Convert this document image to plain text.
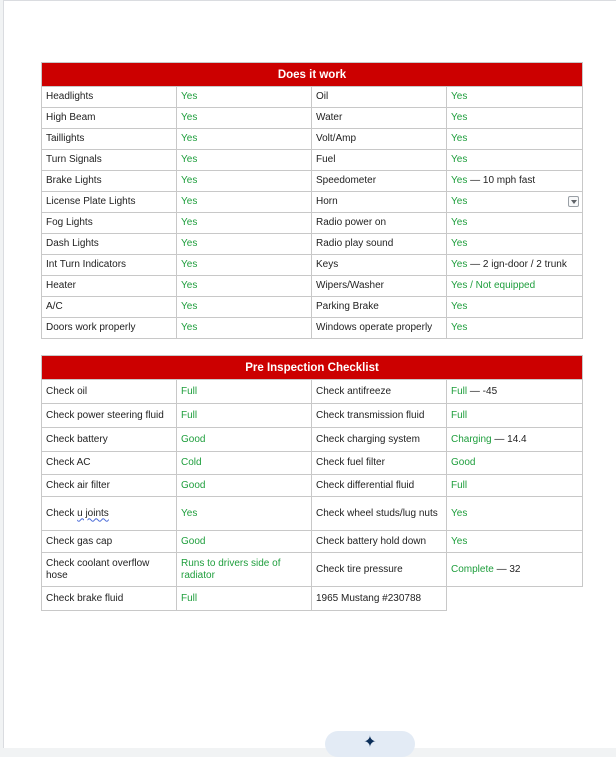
Does it work			
Headlights	Yes	Oil	Yes
High Beam	Yes	Water	Yes
Taillights	Yes	Volt/Amp	Yes
Turn Signals	Yes	Fuel	Yes
Brake Lights	Yes	Speedometer	Yes — 10 mph fast
License Plate Lights	Yes	Horn	Yes

Fog Lights	Yes	Radio power on	Yes
Dash Lights	Yes	Radio play sound	Yes
Int Turn Indicators	Yes	Keys	Yes — 2 ign-door / 2 trunk
Heater	Yes	Wipers/Washer	Yes / Not equipped
A/C	Yes	Parking Brake	Yes
Doors work properly	Yes	Windows operate properly	Yes
Pre Inspection Checklist			
Check oil	Full	Check antifreeze	Full — -45
Check power steering fluid	Full	Check transmission fluid	Full
Check battery	Good	Check charging system	Charging — 14.4
Check AC	Cold	Check fuel filter	Good
Check air filter	Good	Check differential fluid	Full
Check u joints	Yes	Check wheel studs/lug nuts	Yes
Check gas cap	Good	Check battery hold down	Yes
Check coolant overflow hose	Runs to drivers side of radiator	Check tire pressure	Complete — 32
Check brake fluid	Full	1965 Mustang #230788	
✦
